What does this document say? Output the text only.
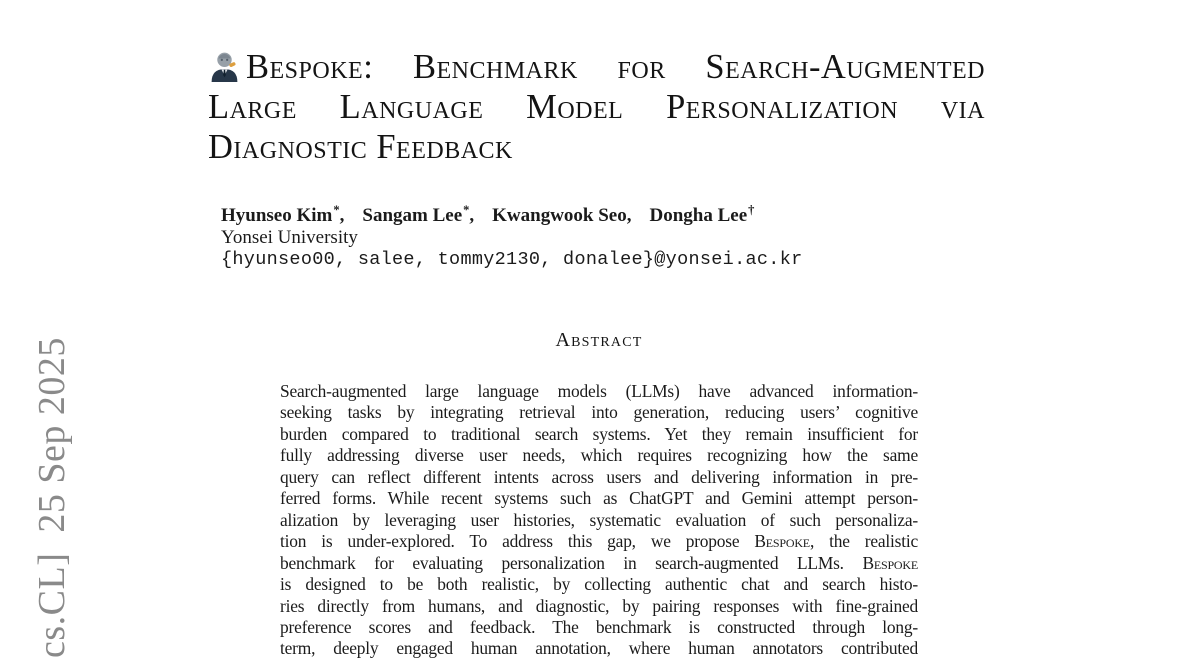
cs.CL]  25 Sep 2025
Bespoke: Benchmark for Search-Augmented
Large Language Model Personalization via
Diagnostic Feedback
Hyunseo Kim*, Sangam Lee*, Kwangwook Seo, Dongha Lee†
Yonsei University
{hyunseo00, salee, tommy2130, donalee}@yonsei.ac.kr
Abstract
Search-augmented large language models (LLMs) have advanced information-
seeking tasks by integrating retrieval into generation, reducing users’ cognitive
burden compared to traditional search systems. Yet they remain insufficient for
fully addressing diverse user needs, which requires recognizing how the same
query can reflect different intents across users and delivering information in pre-
ferred forms. While recent systems such as ChatGPT and Gemini attempt person-
alization by leveraging user histories, systematic evaluation of such personaliza-
tion is under-explored. To address this gap, we propose Bespoke, the realistic
benchmark for evaluating personalization in search-augmented LLMs. Bespoke
is designed to be both realistic, by collecting authentic chat and search histo-
ries directly from humans, and diagnostic, by pairing responses with fine-grained
preference scores and feedback. The benchmark is constructed through long-
term, deeply engaged human annotation, where human annotators contributed
